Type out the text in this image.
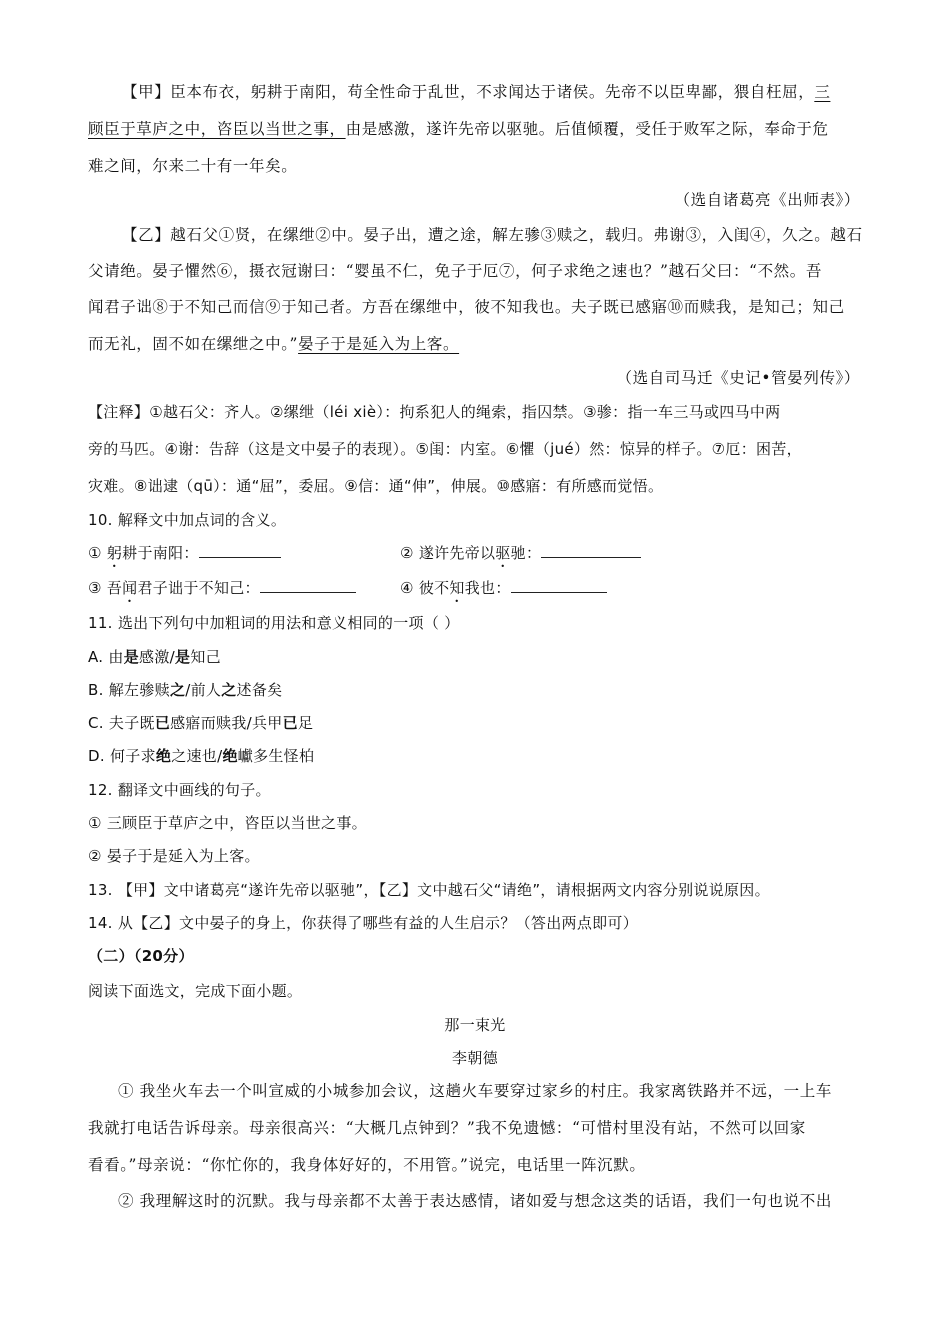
【甲】臣本布衣，躬耕于南阳，苟全性命于乱世，不求闻达于诸侯。先帝不以臣卑鄙，猥自枉屈，三
顾臣于草庐之中，咨臣以当世之事，由是感激，遂许先帝以驱驰。后值倾覆，受任于败军之际，奉命于危
难之间，尔来二十有一年矣。
（选自诸葛亮《出师表》）
【乙】越石父①贤，在缧绁②中。晏子出，遭之途，解左骖③赎之，载归。弗谢③，入闺④，久之。越石
父请绝。晏子懼然⑥，摄衣冠谢曰：“婴虽不仁，免子于厄⑦，何子求绝之速也？”越石父曰：“不然。吾
闻君子诎⑧于不知己而信⑨于知己者。方吾在缧绁中，彼不知我也。夫子既已感寤⑩而赎我，是知己；知己
而无礼，固不如在缧绁之中。”晏子于是延入为上客。
（选自司马迁《史记•管晏列传》）
【注释】①越石父：齐人。②缧绁（léi xiè）：拘系犯人的绳索，指囚禁。③骖：指一车三马或四马中两
旁的马匹。④谢：告辞（这是文中晏子的表现）。⑤闺：内室。⑥懼（jué）然：惊异的样子。⑦厄：困苦，
灾难。⑧诎逮（qū）：通“屈”，委屈。⑨信：通“伸”，伸展。⑩感寤：有所感而觉悟。
10. 解释文中加点词的含义。
① 躬耕于南阳：	② 遂许先帝以驱驰：
③ 吾闻君子诎于不知己：	④ 彼不知我也：
11. 选出下列句中加粗词的用法和意义相同的一项（ ）
A. 由是感激/是知己
B. 解左骖赎之/前人之述备矣
C. 夫子既已感寤而赎我/兵甲已足
D. 何子求绝之速也/绝巘多生怪柏
12. 翻译文中画线的句子。
① 三顾臣于草庐之中，咨臣以当世之事。
② 晏子于是延入为上客。
13. 【甲】文中诸葛亮“遂许先帝以驱驰”，【乙】文中越石父“请绝”，请根据两文内容分别说说原因。
14. 从【乙】文中晏子的身上，你获得了哪些有益的人生启示？（答出两点即可）
（二）（20分）
阅读下面选文，完成下面小题。
那一束光
李朝德
① 我坐火车去一个叫宣威的小城参加会议，这趟火车要穿过家乡的村庄。我家离铁路并不远，一上车
我就打电话告诉母亲。母亲很高兴：“大概几点钟到？”我不免遗憾：“可惜村里没有站，不然可以回家
看看。”母亲说：“你忙你的，我身体好好的，不用管。”说完，电话里一阵沉默。
② 我理解这时的沉默。我与母亲都不太善于表达感情，诸如爱与想念这类的话语，我们一句也说不出
